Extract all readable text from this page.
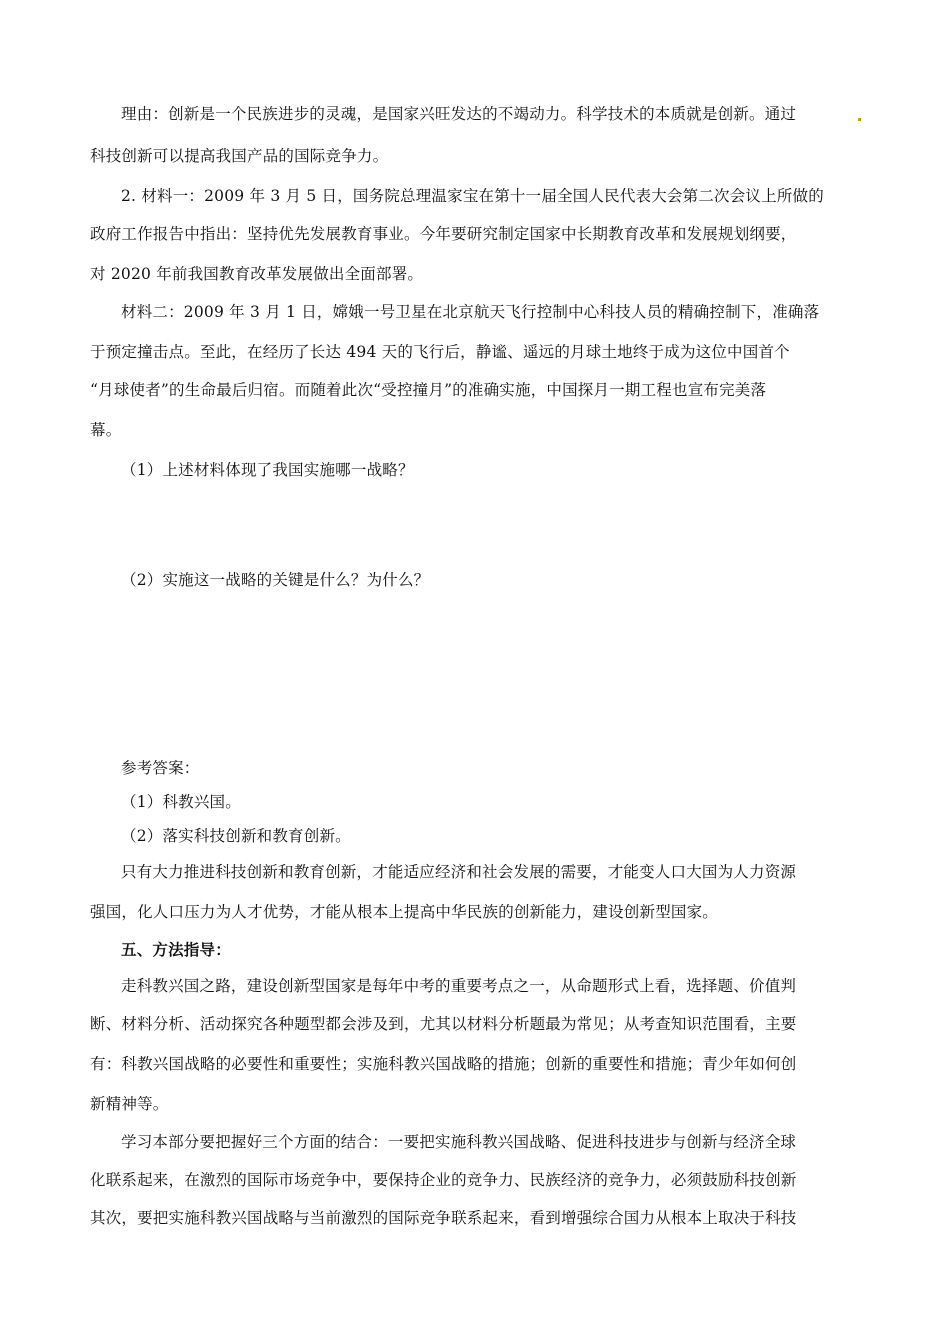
理由：创新是一个民族进步的灵魂，是国家兴旺发达的不竭动力。科学技术的本质就是创新。通过
科技创新可以提高我国产品的国际竞争力。
2. 材料一：2009 年 3 月 5 日，国务院总理温家宝在第十一届全国人民代表大会第二次会议上所做的
政府工作报告中指出：坚持优先发展教育事业。今年要研究制定国家中长期教育改革和发展规划纲要，
对 2020 年前我国教育改革发展做出全面部署。
材料二：2009 年 3 月 1 日，嫦娥一号卫星在北京航天飞行控制中心科技人员的精确控制下，准确落
于预定撞击点。至此，在经历了长达 494 天的飞行后，静谧、遥远的月球土地终于成为这位中国首个
“月球使者”的生命最后归宿。而随着此次“受控撞月”的准确实施，中国探月一期工程也宣布完美落
幕。
（1）上述材料体现了我国实施哪一战略？
（2）实施这一战略的关键是什么？为什么？
参考答案：
（1）科教兴国。
（2）落实科技创新和教育创新。
只有大力推进科技创新和教育创新，才能适应经济和社会发展的需要，才能变人口大国为人力资源
强国，化人口压力为人才优势，才能从根本上提高中华民族的创新能力，建设创新型国家。
五、方法指导：
走科教兴国之路，建设创新型国家是每年中考的重要考点之一，从命题形式上看，选择题、价值判
断、材料分析、活动探究各种题型都会涉及到，尤其以材料分析题最为常见；从考查知识范围看，主要
有：科教兴国战略的必要性和重要性；实施科教兴国战略的措施；创新的重要性和措施；青少年如何创
新精神等。
学习本部分要把握好三个方面的结合：一要把实施科教兴国战略、促进科技进步与创新与经济全球
化联系起来，在激烈的国际市场竞争中，要保持企业的竞争力、民族经济的竞争力，必须鼓励科技创新
其次，要把实施科教兴国战略与当前激烈的国际竞争联系起来，看到增强综合国力从根本上取决于科技
